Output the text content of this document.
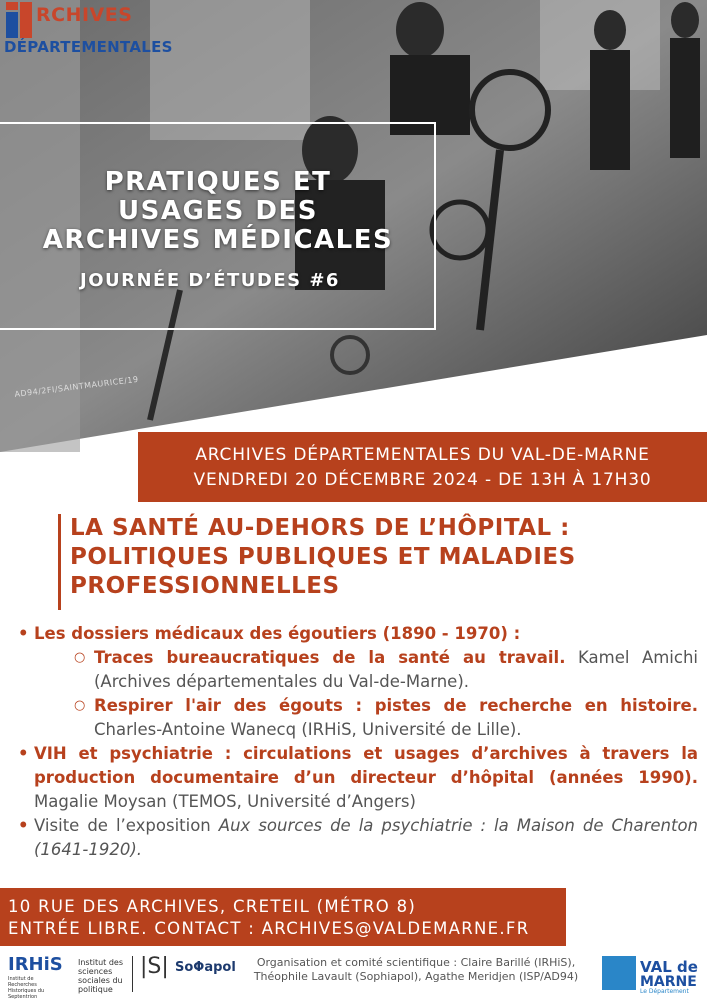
RCHIVES
DÉPARTEMENTALES
PRATIQUES ET
USAGES DES
ARCHIVES MÉDICALES
JOURNÉE D’ÉTUDES #6
AD94/2FI/SAINTMAURICE/19
ARCHIVES DÉPARTEMENTALES DU VAL-DE-MARNE
VENDREDI 20 DÉCEMBRE 2024 - DE 13H À 17H30
LA SANTÉ AU-DEHORS DE L’HÔPITAL :
POLITIQUES PUBLIQUES ET MALADIES
PROFESSIONNELLES
• Les dossiers médicaux des égoutiers (1890 - 1970) :
○ Traces bureaucratiques de la santé au travail. Kamel Amichi (Archives départementales du Val-de-Marne).
○ Respirer l'air des égouts : pistes de recherche en histoire. Charles-Antoine Wanecq (IRHiS, Université de Lille).
• VIH et psychiatrie : circulations et usages d’archives à travers la production documentaire d’un directeur d’hôpital (années 1990). Magalie Moysan (TEMOS, Université d’Angers)
• Visite de l’exposition Aux sources de la psychiatrie : la Maison de Charenton (1641-1920).
10 RUE DES ARCHIVES, CRETEIL (MÉTRO 8)
ENTRÉE LIBRE. CONTACT : ARCHIVES@VALDEMARNE.FR
IRHiS
Institut de Recherches Historiques du Septentrion
Institut des sciences sociales du politique
|S| SoΦapol	Organisation et comité scientifique : Claire Barillé (IRHiS), Théophile Lavault (Sophiapol), Agathe Meridjen (ISP/AD94)
VAL de
MARNE
Le Département
